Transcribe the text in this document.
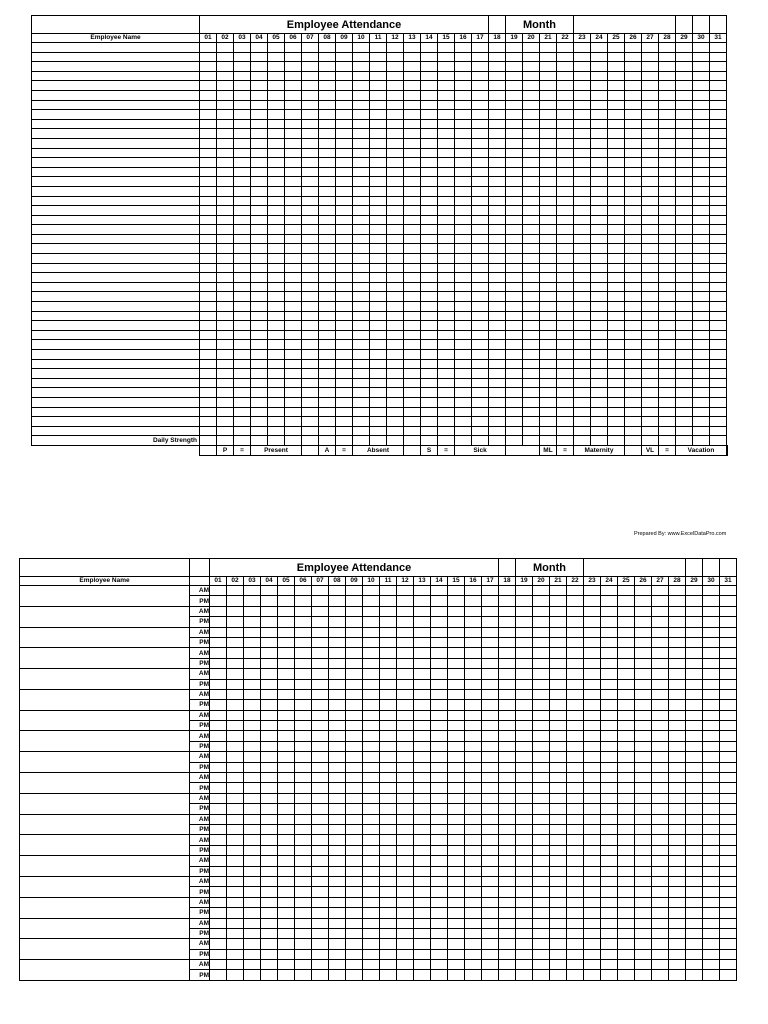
	Employee Attendance																		Month													
Employee Name	01	02	03	04	05	06	07	08	09	10	11	12	13	14	15	16	17	18	19	20	21	22	23	24	25	26	27	28	29	30	31	

Daily Strength																																
		P	=	Present				A	=	Absent				S	=	Sick					ML	=	Maternity				VL	=	Vacation			
Prepared By: www.ExcelDataPro.com
		Employee Attendance																		Month												
Employee Name		01	02	03	04	05	06	07	08	09	10	11	12	13	14	15	16	17	18	19	20	21	22	23	24	25	26	27	28	29	30	31
	AM																															
	PM																															
	AM																															
	PM																															
	AM																															
	PM																															
	AM																															
	PM																															
	AM																															
	PM																															
	AM																															
	PM																															
	AM																															
	PM																															
	AM																															
	PM																															
	AM																															
	PM																															
	AM																															
	PM																															
	AM																															
	PM																															
	AM																															
	PM																															
	AM																															
	PM																															
	AM																															
	PM																															
	AM																															
	PM																															
	AM																															
	PM																															
	AM																															
	PM																															
	AM																															
	PM																															
	AM																															
	PM																															
